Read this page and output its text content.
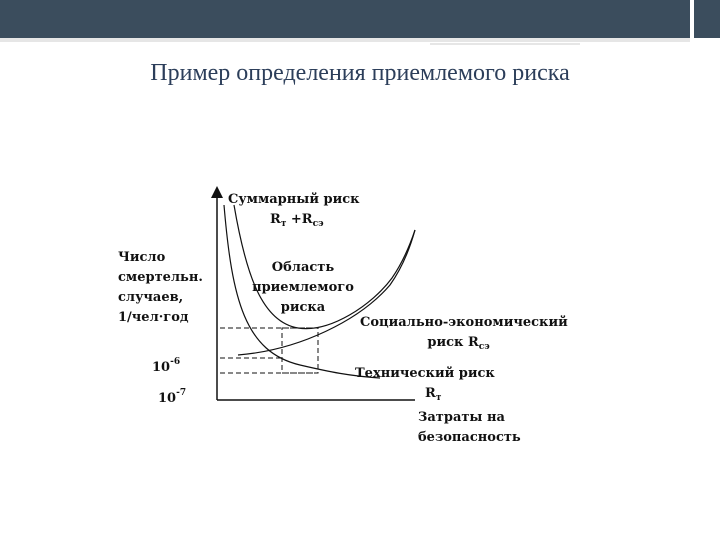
Пример определения приемлемого риска
Число
смертельн.
случаев,
1/чел·год
$10^{-6}$
$10^{-7}$
Суммарный риск
$R_т +R_{сэ}$
Область
приемлемого
риска
Социально-экономический
риск $R_{сэ}$
Технический риск
$R_т$
Затраты на
безопасность
